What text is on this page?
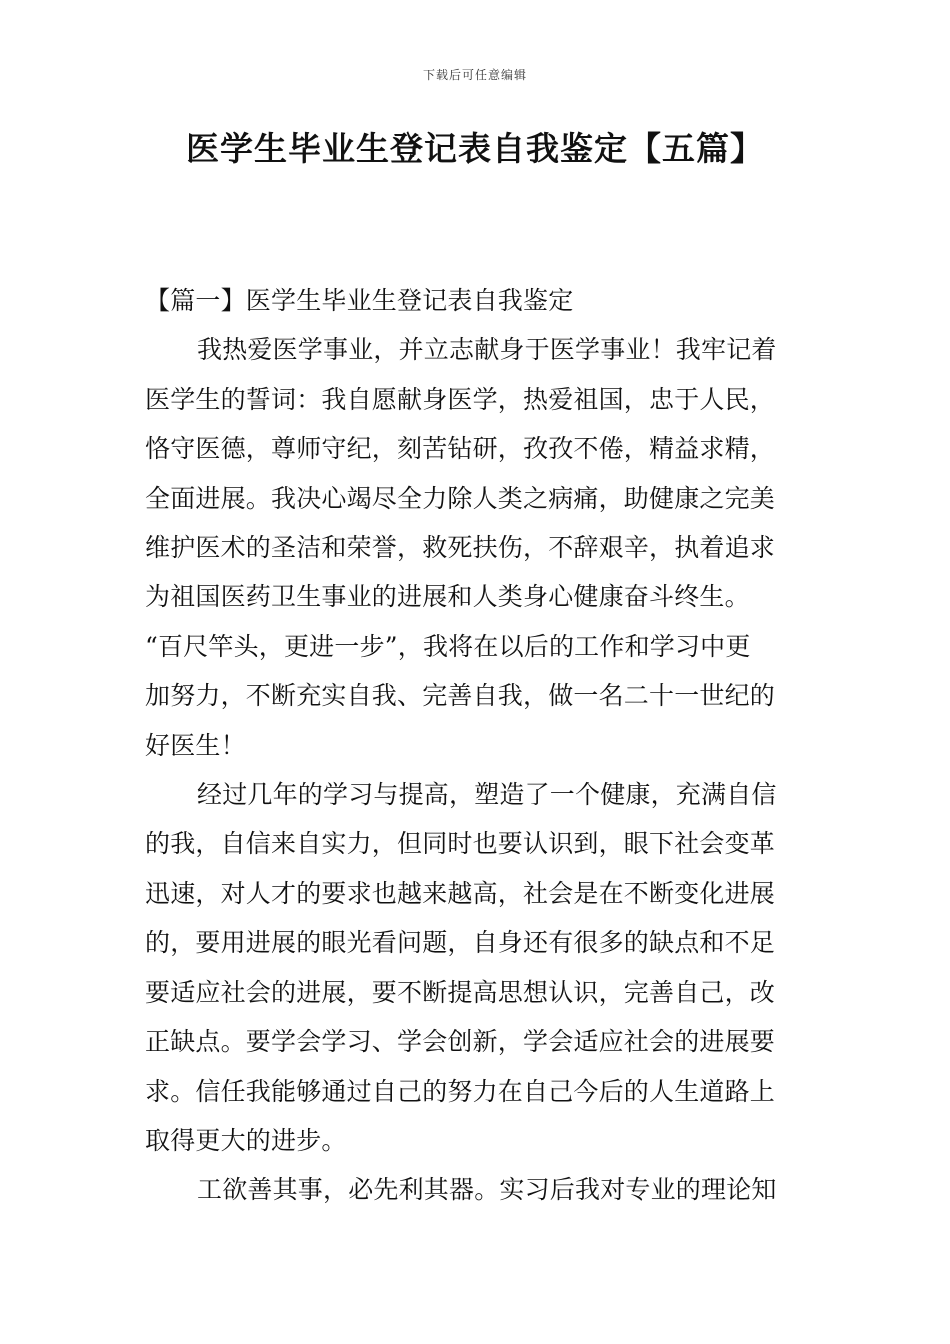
下载后可任意编辑
医学生毕业生登记表自我鉴定【五篇】
【篇一】医学生毕业生登记表自我鉴定
我热爱医学事业，并立志献身于医学事业！我牢记着
医学生的誓词：我自愿献身医学，热爱祖国，忠于人民，
恪守医德，尊师守纪，刻苦钻研，孜孜不倦，精益求精，
全面进展。我决心竭尽全力除人类之病痛，助健康之完美
维护医术的圣洁和荣誉，救死扶伤，不辞艰辛，执着追求
为祖国医药卫生事业的进展和人类身心健康奋斗终生。
“百尺竿头，更进一步”，我将在以后的工作和学习中更
加努力，不断充实自我、完善自我，做一名二十一世纪的
好医生！
经过几年的学习与提高，塑造了一个健康，充满自信
的我，自信来自实力，但同时也要认识到，眼下社会变革
迅速，对人才的要求也越来越高，社会是在不断变化进展
的，要用进展的眼光看问题，自身还有很多的缺点和不足
要适应社会的进展，要不断提高思想认识，完善自己，改
正缺点。要学会学习、学会创新，学会适应社会的进展要
求。信任我能够通过自己的努力在自己今后的人生道路上
取得更大的进步。
工欲善其事，必先利其器。实习后我对专业的理论知
